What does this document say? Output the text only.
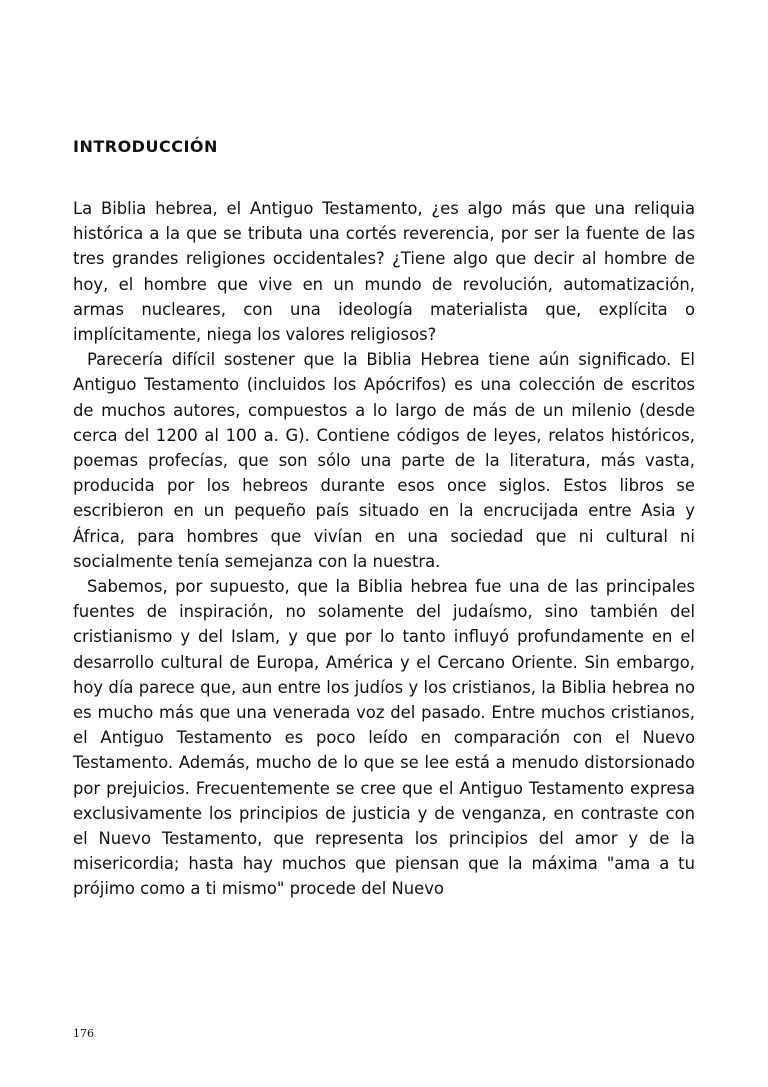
INTRODUCCIÓN

La Biblia hebrea, el Antiguo Testamento, ¿es algo más que una reliquia histórica a la que se tributa una cortés reverencia, por ser la fuente de las tres grandes religiones occidentales? ¿Tiene algo que decir al hombre de hoy, el hombre que vive en un mundo de revolución, automatización, armas nucleares, con una ideología materialista que, explícita o implícitamente, niega los valores religiosos?

Parecería difícil sostener que la Biblia Hebrea tiene aún significado. El Antiguo Testamento (incluidos los Apócrifos) es una colección de escritos de muchos autores, compuestos a lo largo de más de un milenio (desde cerca del 1200 al 100 a. G). Contiene códigos de leyes, relatos históricos, poemas profecías, que son sólo una parte de la literatura, más vasta, producida por los hebreos durante esos once siglos. Estos libros se escribieron en un pequeño país situado en la encrucijada entre Asia y África, para hombres que vivían en una sociedad que ni cultural ni socialmente tenía semejanza con la nuestra.

Sabemos, por supuesto, que la Biblia hebrea fue una de las principales fuentes de inspiración, no solamente del judaísmo, sino también del cristianismo y del Islam, y que por lo tanto influyó profundamente en el desarrollo cultural de Europa, América y el Cercano Oriente. Sin embargo, hoy día parece que, aun entre los judíos y los cristianos, la Biblia hebrea no es mucho más que una venerada voz del pasado. Entre muchos cristianos, el Antiguo Testamento es poco leído en comparación con el Nuevo Testamento. Además, mucho de lo que se lee está a menudo distorsionado por prejuicios. Frecuentemente se cree que el Antiguo Testamento expresa exclusivamente los principios de justicia y de venganza, en contraste con el Nuevo Testamento, que representa los principios del amor y de la misericordia; hasta hay muchos que piensan que la máxima "ama a tu prójimo como a ti mismo" procede del Nuevo

176
